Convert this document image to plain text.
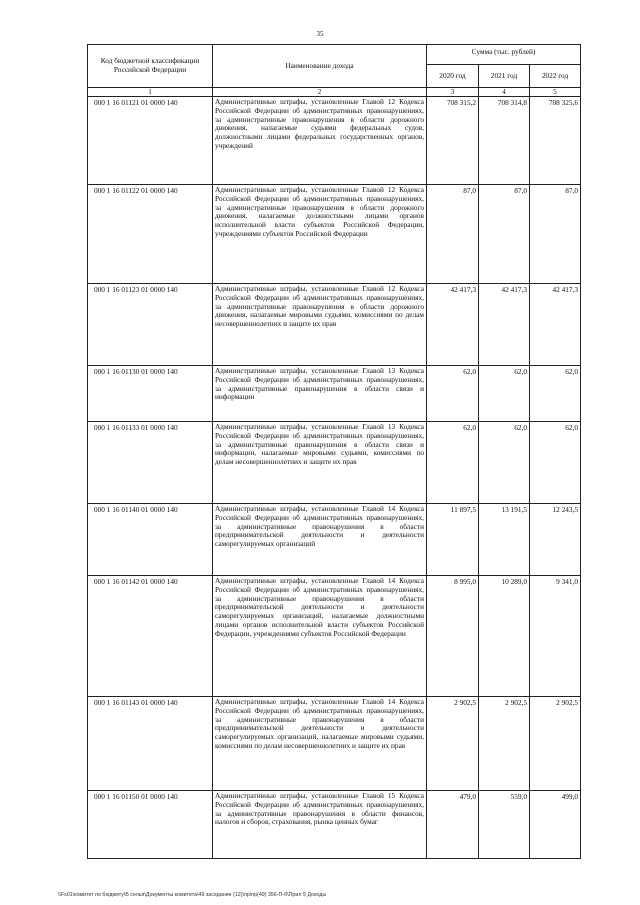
35
Код бюджетной классификации Российской Федерации	Наименование дохода	Сумма (тыс. рублей)		
		2020 год	2021 год	2022 год
1	2	3	4	5
000 1 16 01121 01 0000 140	Административные штрафы, установленные Главой 12 Кодекса Российской Федерации об административных правонарушениях, за административные правонарушения в области дорожного движения, налагаемые судьями федеральных судов, должностными лицами федеральных государственных органов, учреждений	708 315,2	708 314,8	708 325,6
000 1 16 01122 01 0000 140	Административные штрафы, установленные Главой 12 Кодекса Российской Федерации об административных правонарушениях, за административные правонарушения в области дорожного движения, налагаемые должностными лицами органов исполнительной власти субъектов Российской Федерации, учреждениями субъектов Российской Федерации	87,0	87,0	87,0
000 1 16 01123 01 0000 140	Административные штрафы, установленные Главой 12 Кодекса Российской Федерации об административных правонарушениях, за административные правонарушения в области дорожного движения, налагаемые мировыми судьями, комиссиями по делам несовершеннолетних и защите их прав	42 417,3	42 417,3	42 417,3
000 1 16 01130 01 0000 140	Административные штрафы, установленные Главой 13 Кодекса Российской Федерации об административных правонарушениях, за административные правонарушения в области связи и информации	62,0	62,0	62,0
000 1 16 01133 01 0000 140	Административные штрафы, установленные Главой 13 Кодекса Российской Федерации об административных правонарушениях, за административные правонарушения в области связи и информации, налагаемые мировыми судьями, комиссиями по делам несовершеннолетних и защите их прав	62,0	62,0	62,0
000 1 16 01140 01 0000 140	Административные штрафы, установленные Главой 14 Кодекса Российской Федерации об административных правонарушениях, за административные правонарушения в области предпринимательской деятельности и деятельности саморегулируемых организаций	11 897,5	13 191,5	12 243,5
000 1 16 01142 01 0000 140	Административные штрафы, установленные Главой 14 Кодекса Российской Федерации об административных правонарушениях, за административные правонарушения в области предпринимательской деятельности и деятельности саморегулируемых организаций, налагаемые должностными лицами органов исполнительной власти субъектов Российской Федерации, учреждениями субъектов Российской Федерации	8 995,0	10 289,0	9 341,0
000 1 16 01143 01 0000 140	Административные штрафы, установленные Главой 14 Кодекса Российской Федерации об административных правонарушениях, за административные правонарушения в области предпринимательской деятельности и деятельности саморегулируемых организаций, налагаемые мировыми судьями, комиссиями по делам несовершеннолетних и защите их прав	2 902,5	2 902,5	2 902,5
000 1 16 01150 01 0000 140	Административные штрафы, установленные Главой 15 Кодекса Российской Федерации об административных правонарушениях, за административные правонарушения в области финансов, налогов и сборов, страхования, рынка ценных бумаг	479,0	559,0	499,0
\\Fs01\комитет по бюджету\Б селья\Документы комитета\49 заседание (12)\пр\пр(49) 356-П-б\Прил 9 Доходы
